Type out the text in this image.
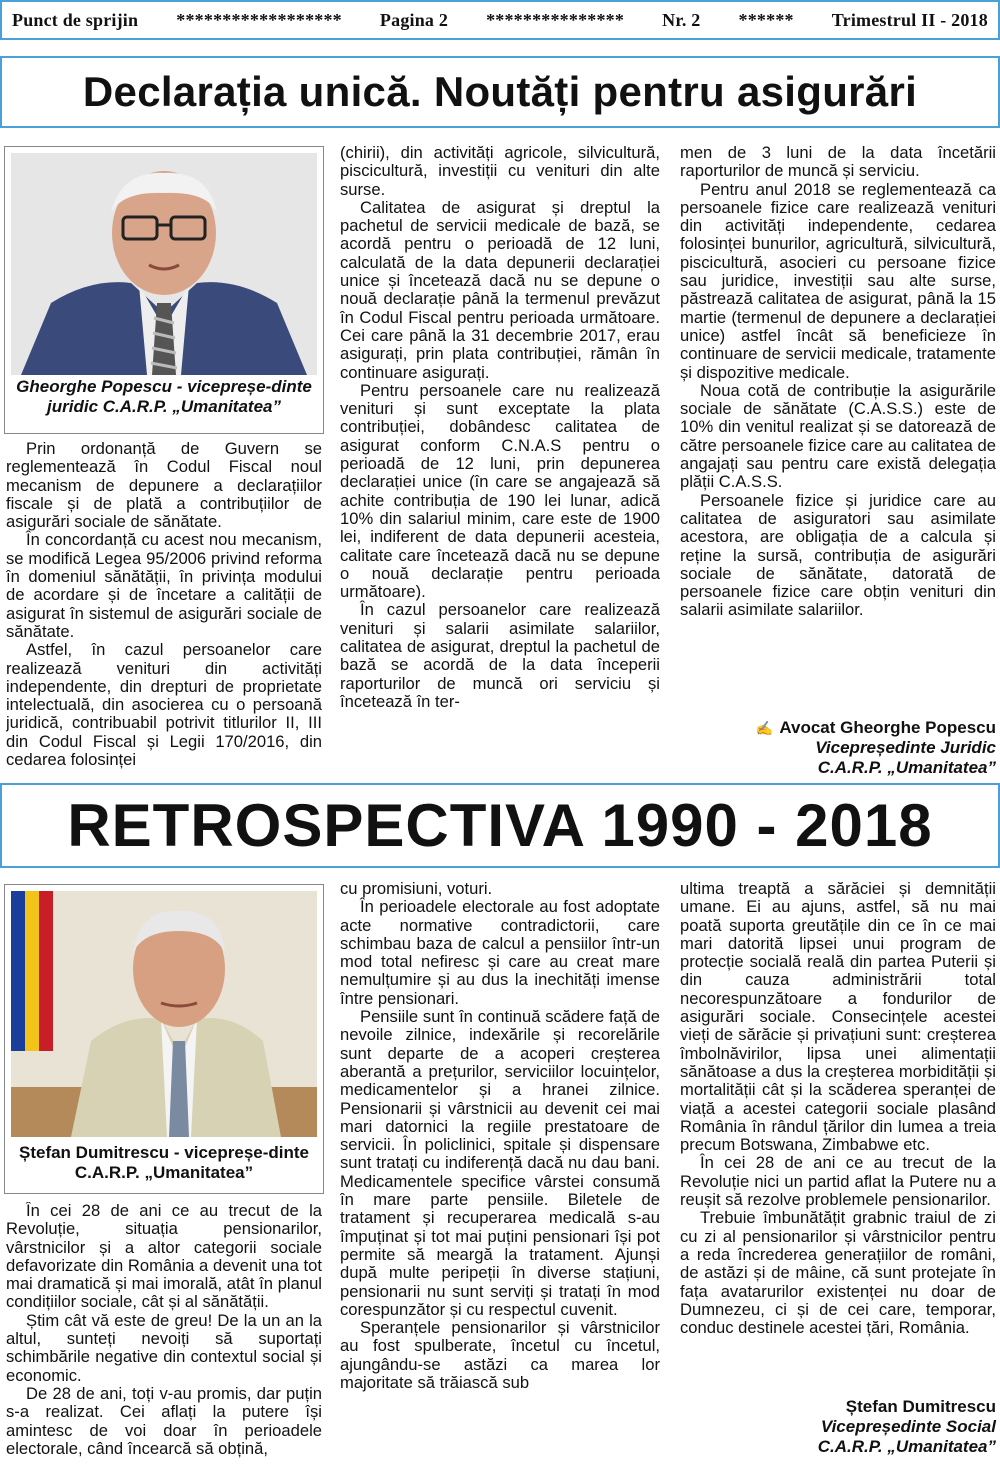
Punct de sprijin ****************** Pagina 2 *************** Nr. 2 ****** Trimestrul II - 2018
Declarația unică. Noutăți pentru asigurări
Gheorghe Popescu - vicepreșe-dinte juridic C.A.R.P. „Umanitatea”

Prin ordonanță de Guvern se reglementează în Codul Fiscal noul mecanism de depunere a declarațiilor fiscale și de plată a contribuțiilor de asigurări sociale de sănătate.

În concordanță cu acest nou mecanism, se modifică Legea 95/2006 privind reforma în domeniul sănătății, în privința modului de acordare și de încetare a calității de asigurat în sistemul de asigurări sociale de sănătate.

Astfel, în cazul persoanelor care realizează venituri din activități independente, din drepturi de proprietate intelectuală, din asocierea cu o persoană juridică, contribuabil potrivit titlurilor II, III din Codul Fiscal și Legii 170/2016, din cedarea folosinței

(chirii), din activități agricole, silvicultură, piscicultură, investiții cu venituri din alte surse.

Calitatea de asigurat și dreptul la pachetul de servicii medicale de bază, se acordă pentru o perioadă de 12 luni, calculată de la data depunerii declarației unice și încetează dacă nu se depune o nouă declarație până la termenul prevăzut în Codul Fiscal pentru perioada următoare. Cei care până la 31 decembrie 2017, erau asigurați, prin plata contribuției, rămân în continuare asigurați.

Pentru persoanele care nu realizează venituri și sunt exceptate la plata contribuției, dobândesc calitatea de asigurat conform C.N.A.S pentru o perioadă de 12 luni, prin depunerea declarației unice (în care se angajează să achite contribuția de 190 lei lunar, adică 10% din salariul minim, care este de 1900 lei, indiferent de data depunerii acesteia, calitate care încetează dacă nu se depune o nouă declarație pentru perioada următoare).

În cazul persoanelor care realizează venituri și salarii asimilate salariilor, calitatea de asigurat, dreptul la pachetul de bază se acordă de la data începerii raporturilor de muncă ori serviciu și încetează în ter-

men de 3 luni de la data încetării raporturilor de muncă și serviciu.

Pentru anul 2018 se reglementează ca persoanele fizice care realizează venituri din activități independente, cedarea folosinței bunurilor, agricultură, silvicultură, piscicultură, asocieri cu persoane fizice sau juridice, investiții sau alte surse, păstrează calitatea de asigurat, până la 15 martie (termenul de depunere a declarației unice) astfel încât să beneficieze în continuare de servicii medicale, tratamente și dispozitive medicale.

Noua cotă de contribuție la asigurările sociale de sănătate (C.A.S.S.) este de 10% din venitul realizat și se datorează de către persoanele fizice care au calitatea de angajați sau pentru care există delegația plății C.A.S.S.

Persoanele fizice și juridice care au calitatea de asiguratori sau asimilate acestora, are obligația de a calcula și reține la sursă, contribuția de asigurări sociale de sănătate, datorată de persoanele fizice care obțin venituri din salarii asimilate salariilor.

✍ Avocat Gheorghe Popescu
Vicepreședinte Juridic
C.A.R.P. „Umanitatea”
RETROSPECTIVA 1990 - 2018
Ștefan Dumitrescu - vicepreșe-dinte C.A.R.P. „Umanitatea”

În cei 28 de ani ce au trecut de la Revoluție, situația pensionarilor, vârstnicilor și a altor categorii sociale defavorizate din România a devenit una tot mai dramatică și mai imorală, atât în planul condițiilor sociale, cât și al sănătății.

Știm cât vă este de greu! De la un an la altul, sunteți nevoiți să suportați schimbările negative din contextul social și economic.

De 28 de ani, toți v-au promis, dar puțin s-a realizat. Cei aflați la putere își amintesc de voi doar în perioadele electorale, când încearcă să obțină,

cu promisiuni, voturi.

În perioadele electorale au fost adoptate acte normative contradictorii, care schimbau baza de calcul a pensiilor într-un mod total nefiresc și care au creat mare nemulțumire și au dus la inechități imense între pensionari.

Pensiile sunt în continuă scădere față de nevoile zilnice, indexările și recorelările sunt departe de a acoperi creșterea aberantă a prețurilor, serviciilor locuințelor, medicamentelor și a hranei zilnice. Pensionarii și vârstnicii au devenit cei mai mari datornici la regiile prestatoare de servicii. În policlinici, spitale și dispensare sunt tratați cu indiferență dacă nu dau bani. Medicamentele specifice vârstei consumă în mare parte pensiile. Biletele de tratament și recuperarea medicală s-au împuținat și tot mai puțini pensionari își pot permite să meargă la tratament. Ajunși după multe peripeții în diverse stațiuni, pensionarii nu sunt serviți și tratați în mod corespunzător și cu respectul cuvenit.

Speranțele pensionarilor și vârstnicilor au fost spulberate, încetul cu încetul, ajungându-se astăzi ca marea lor majoritate să trăiască sub

ultima treaptă a sărăciei și demnității umane. Ei au ajuns, astfel, să nu mai poată suporta greutățile din ce în ce mai mari datorită lipsei unui program de protecție socială reală din partea Puterii și din cauza administrării total necorespunzătoare a fondurilor de asigurări sociale. Consecințele acestei vieți de sărăcie și privațiuni sunt: creșterea îmbolnăvirilor, lipsa unei alimentații sănătoase a dus la creșterea morbidității și mortalității cât și la scăderea speranței de viață a acestei categorii sociale plasând România în rândul țărilor din lumea a treia precum Botswana, Zimbabwe etc.

În cei 28 de ani ce au trecut de la Revoluție nici un partid aflat la Putere nu a reușit să rezolve problemele pensionarilor.

Trebuie îmbunătățit grabnic traiul de zi cu zi al pensionarilor și vârstnicilor pentru a reda încrederea generațiilor de români, de astăzi și de mâine, că sunt protejate în fața avatarurilor existenței nu doar de Dumnezeu, ci și de cei care, temporar, conduc destinele acestei țări, România.

Ștefan Dumitrescu
Vicepreședinte Social
C.A.R.P. „Umanitatea”
